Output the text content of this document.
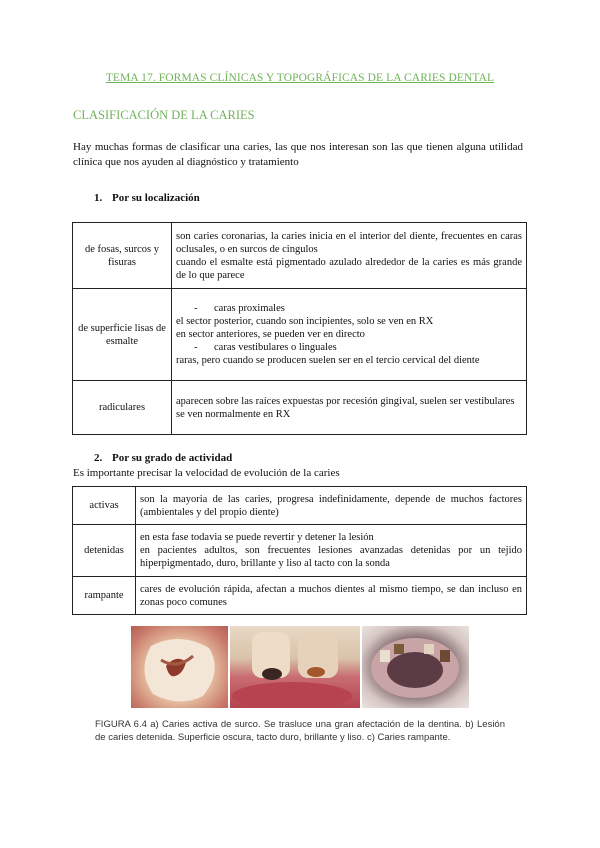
TEMA 17. FORMAS CLÍNICAS Y TOPOGRÁFICAS DE LA CARIES DENTAL
CLASIFICACIÓN DE LA CARIES
Hay muchas formas de clasificar una caries, las que nos interesan son las que tienen alguna utilidad clínica que nos ayuden al diagnóstico y tratamiento
1. Por su localización
de fosas, surcos y fisuras	son caries coronarias, la caries inicia en el interior del diente, frecuentes en caras oclusales, o en surcos de cingulos
cuando el esmalte está pigmentado azulado alrededor de la caries es más grande de lo que parece

de superficie lisas de esmalte	- caras proximales
el sector posterior, cuando son incipientes, solo se ven en RX
en sector anteriores, se pueden ver en directo
- caras vestibulares o linguales
raras, pero cuando se producen suelen ser en el tercio cervical del diente

radiculares	aparecen sobre las raíces expuestas por recesión gingival, suelen ser vestibulares
se ven normalmente en RX
2. Por su grado de actividad
Es importante precisar la velocidad de evolución de la caries
activas	son la mayoria de las caries, progresa indefinidamente, depende de muchos factores (ambientales y del propio diente)

detenidas	en esta fase todavia se puede revertir y detener la lesión
en pacientes adultos, son frecuentes lesiones avanzadas detenidas por un tejido hiperpigmentado, duro, brillante y liso al tacto con la sonda

rampante	cares de evolución rápida, afectan a muchos dientes al mismo tiempo, se dan incluso en zonas poco comunes
FIGURA 6.4 a) Caries activa de surco. Se trasluce una gran afectación de la dentina. b) Lesión de caries detenida. Superficie oscura, tacto duro, brillante y liso. c) Caries rampante.
